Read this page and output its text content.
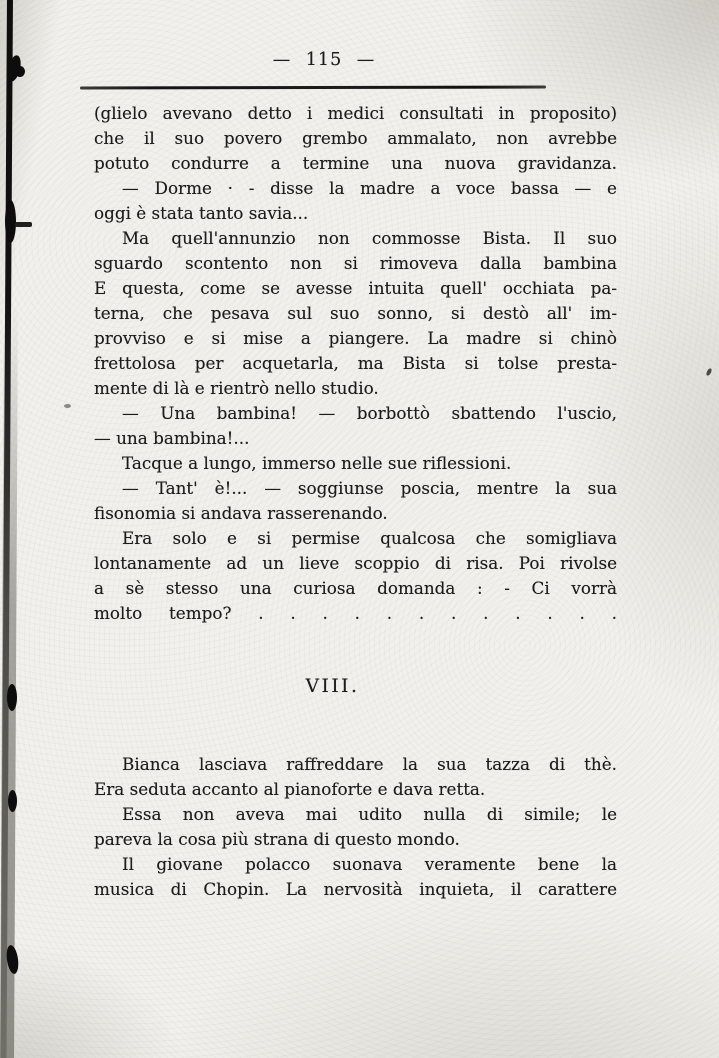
— 115 —
(glielo avevano detto i medici consultati in proposito)
che il suo povero grembo ammalato, non avrebbe
potuto condurre a termine una nuova gravidanza.
— Dorme · - disse la madre a voce bassa — e
oggi è stata tanto savia...
Ma quell'annunzio non commosse Bista. Il suo
sguardo scontento non si rimoveva dalla bambina
E questa, come se avesse intuita quell' occhiata pa-
terna, che pesava sul suo sonno, si destò all' im-
provviso e si mise a piangere. La madre si chinò
frettolosa per acquetarla, ma Bista si tolse presta-
mente di là e rientrò nello studio.
— Una bambina! — borbottò sbattendo l'uscio,
— una bambina!...
Tacque a lungo, immerso nelle sue riflessioni.
— Tant' è!... — soggiunse poscia, mentre la sua
fisonomia si andava rasserenando.
Era solo e si permise qualcosa che somigliava
lontanamente ad un lieve scoppio di risa. Poi rivolse
a sè stesso una curiosa domanda : - Ci vorrà
molto tempo? . . . . . . . . . . . .
VIII.
Bianca lasciava raffreddare la sua tazza di thè.
Era seduta accanto al pianoforte e dava retta.
Essa non aveva mai udito nulla di simile; le
pareva la cosa più strana di questo mondo.
Il giovane polacco suonava veramente bene la
musica di Chopin. La nervosità inquieta, il carattere
